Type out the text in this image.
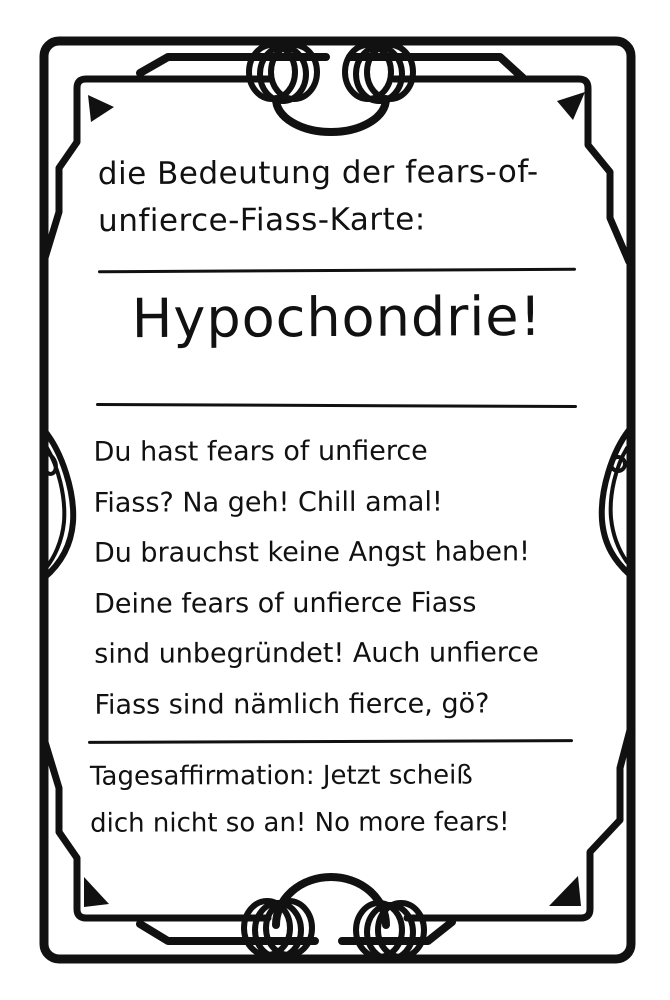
die Bedeutung der fears-of-
unfierce-Fiass-Karte:
Hypochondrie!
Du hast fears of unfierce
Fiass? Na geh! Chill amal!
Du brauchst keine Angst haben!
Deine fears of unfierce Fiass
sind unbegründet! Auch unfierce
Fiass sind nämlich fierce, gö?
Tagesaffirmation: Jetzt scheiß
dich nicht so an! No more fears!
